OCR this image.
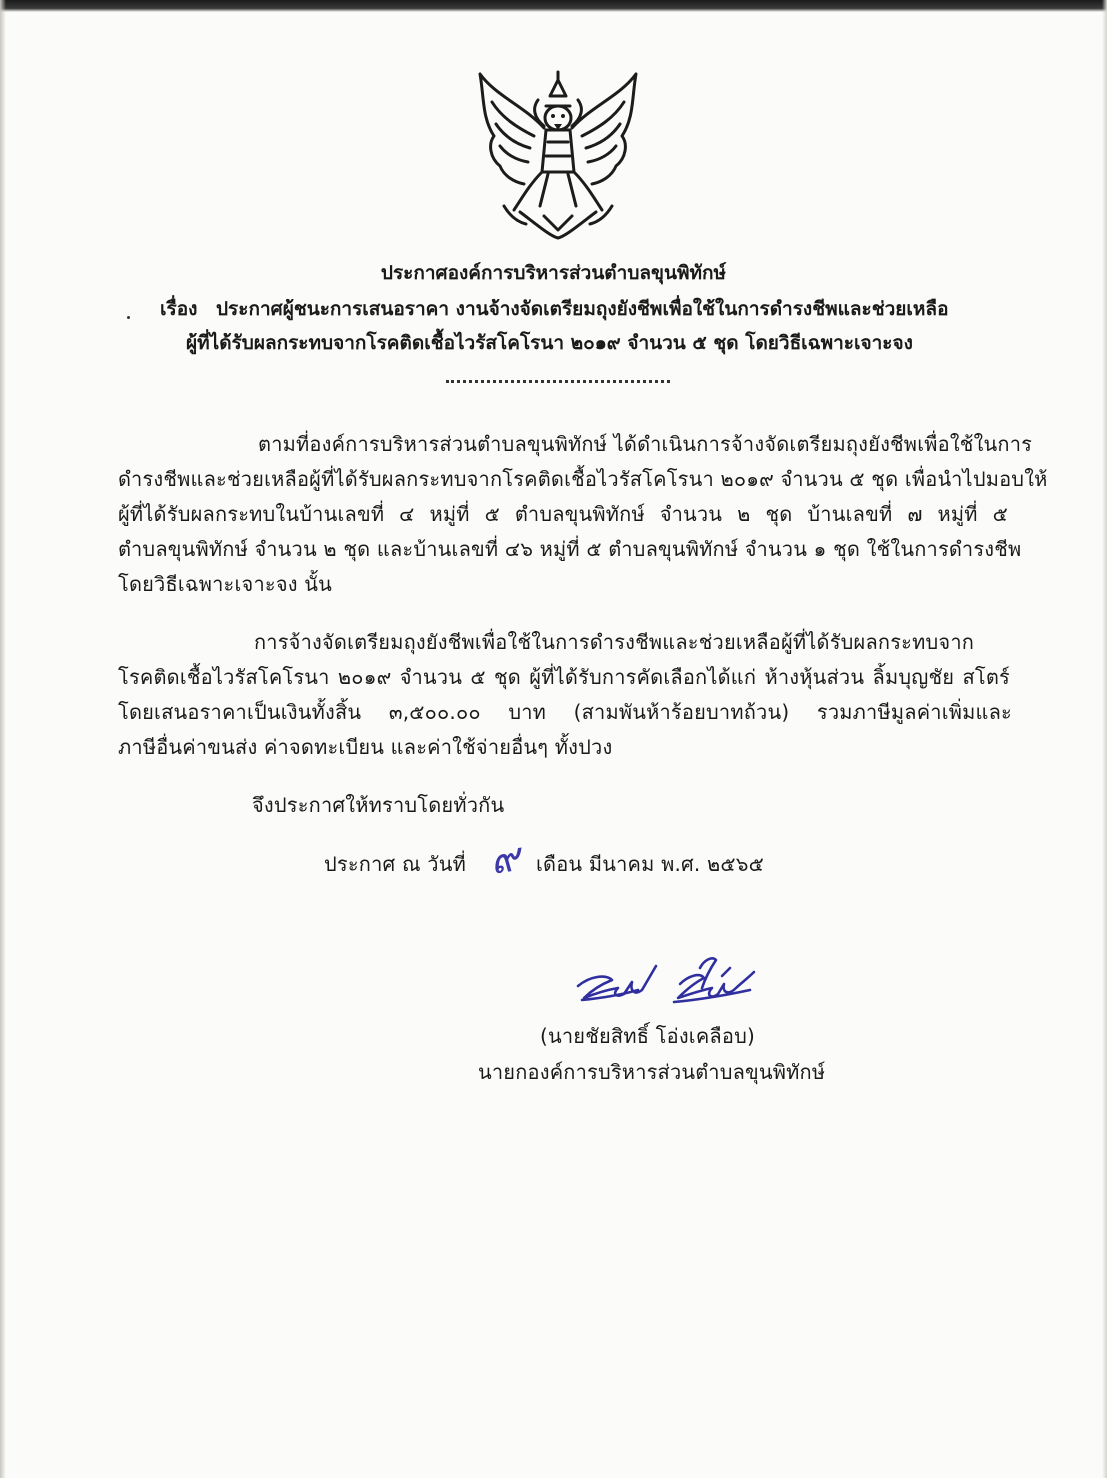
ประกาศองค์การบริหารส่วนตำบลขุนพิทักษ์
เรื่อง ประกาศผู้ชนะการเสนอราคา งานจ้างจัดเตรียมถุงยังชีพเพื่อใช้ในการดำรงชีพและช่วยเหลือ
ผู้ที่ได้รับผลกระทบจากโรคติดเชื้อไวรัสโคโรนา ๒๐๑๙ จำนวน ๕ ชุด โดยวิธีเฉพาะเจาะจง
ตามที่องค์การบริหารส่วนตำบลขุนพิทักษ์ ได้ดำเนินการจ้างจัดเตรียมถุงยังชีพเพื่อใช้ในการ
ดำรงชีพและช่วยเหลือผู้ที่ได้รับผลกระทบจากโรคติดเชื้อไวรัสโคโรนา ๒๐๑๙ จำนวน ๕ ชุด เพื่อนำไปมอบให้
ผู้ที่ได้รับผลกระทบในบ้านเลขที่ ๔ หมู่ที่ ๕ ตำบลขุนพิทักษ์ จำนวน ๒ ชุด บ้านเลขที่ ๗ หมู่ที่ ๕
ตำบลขุนพิทักษ์ จำนวน ๒ ชุด และบ้านเลขที่ ๔๖ หมู่ที่ ๕ ตำบลขุนพิทักษ์ จำนวน ๑ ชุด ใช้ในการดำรงชีพ
โดยวิธีเฉพาะเจาะจง นั้น
การจ้างจัดเตรียมถุงยังชีพเพื่อใช้ในการดำรงชีพและช่วยเหลือผู้ที่ได้รับผลกระทบจาก
โรคติดเชื้อไวรัสโคโรนา ๒๐๑๙ จำนวน ๕ ชุด ผู้ที่ได้รับการคัดเลือกได้แก่ ห้างหุ้นส่วน ลิ้มบุญชัย สโตร์
โดยเสนอราคาเป็นเงินทั้งสิ้น ๓,๕๐๐.๐๐ บาท (สามพันห้าร้อยบาทถ้วน) รวมภาษีมูลค่าเพิ่มและ
ภาษีอื่นค่าขนส่ง ค่าจดทะเบียน และค่าใช้จ่ายอื่นๆ ทั้งปวง
จึงประกาศให้ทราบโดยทั่วกัน
ประกาศ ณ วันที่ ๙ เดือน มีนาคม พ.ศ. ๒๕๖๕
(นายชัยสิทธิ์ โอ่งเคลือบ)
นายกองค์การบริหารส่วนตำบลขุนพิทักษ์
